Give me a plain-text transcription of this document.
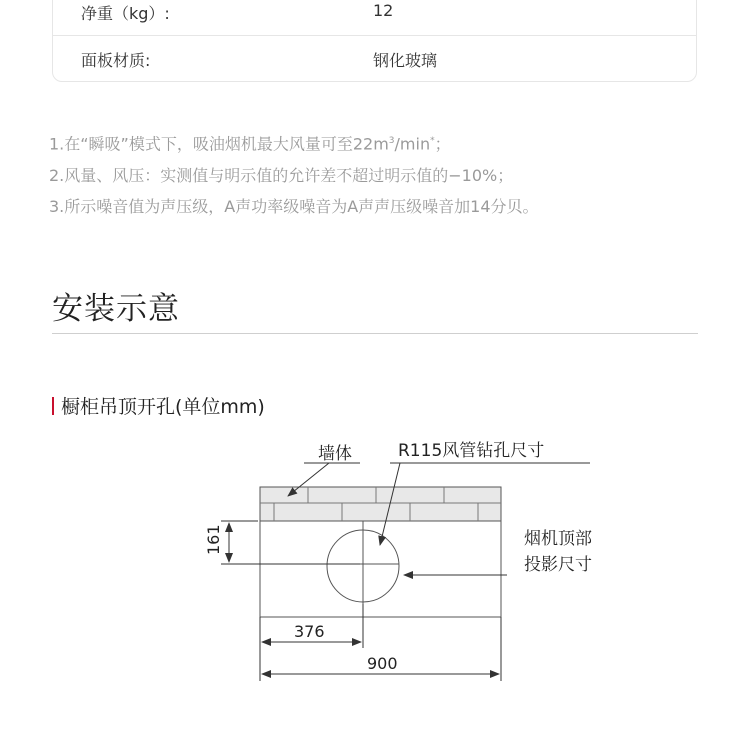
净重（kg）:	12
面板材质:	钢化玻璃
1.在“瞬吸”模式下，吸油烟机最大风量可至$22m^3/\min^*$；
2.风量、风压：实测值与明示值的允许差不超过明示值的−10%；
3.所示噪音值为声压级，A声功率级噪音为A声声压级噪音加14分贝。
安装示意
橱柜吊顶开孔(单位mm)
墙体	R115风管钻孔尺寸
烟机顶部
投影尺寸
161
376
900
